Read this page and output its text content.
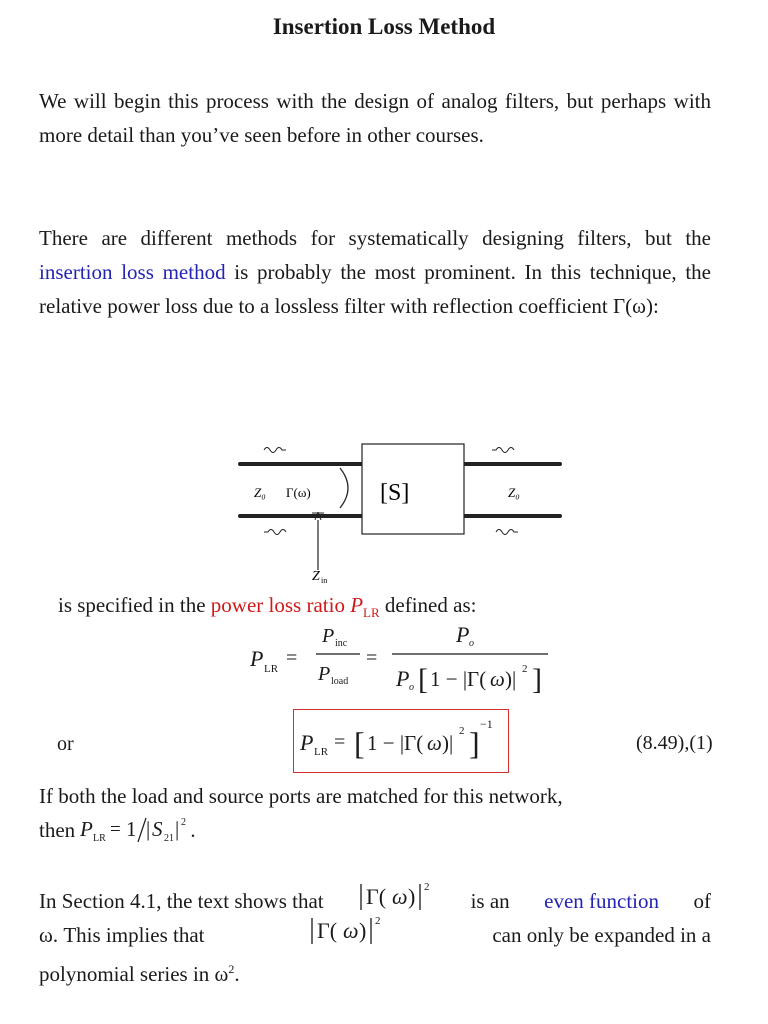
Insertion Loss Method

We will begin this process with the design of analog filters, but perhaps with more detail than you’ve seen before in other courses.

There are different methods for systematically designing filters, but the insertion loss method is probably the most prominent. In this technique, the relative power loss due to a lossless filter with reflection coefficient Γ(ω):

Z₀ Γ(ω)	[S]	Z₀
Z in

is specified in the power loss ratio $P_{LR}$ defined as:

P LR =
P inc
P load
=
P o
P o [ 1 − |Γ( ω )| 2 ]
or	P LR = [ 1 − |Γ( ω )| 2 ]
−1
(8.49),(1)

If both the load and source ports are matched for this network,
then P LR = 1 | S 21 | 2 .

In Section 4.1, the text shows that Γ( ω ) 2
is an even function of
ω. This implies that	Γ( ω ) 2
can only be expanded in a
polynomial series in $\omega^2$.
